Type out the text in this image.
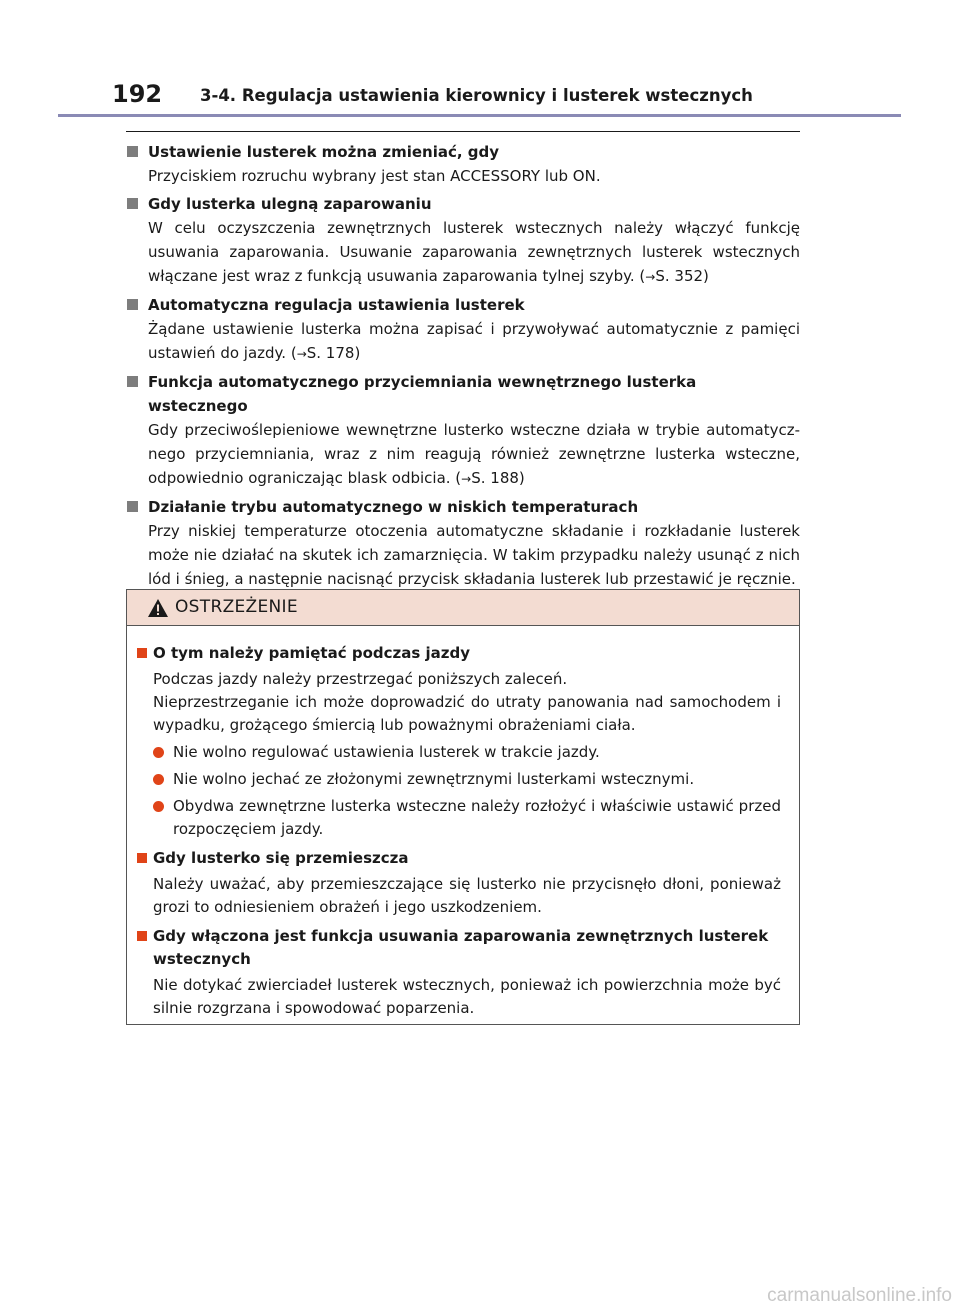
192 3-4. Regulacja ustawienia kierownicy i lusterek wstecznych
Ustawienie lusterek można zmieniać, gdy
Przyciskiem rozruchu wybrany jest stan ACCESSORY lub ON.
Gdy lusterka ulegną zaparowaniu
W celu oczyszczenia zewnętrznych lusterek wstecznych należy włączyć funkcję usuwania zaparowania. Usuwanie zaparowania zewnętrznych lusterek wstecznych włączane jest wraz z funkcją usuwania zaparowania tylnej szyby. (→S. 352)
Automatyczna regulacja ustawienia lusterek
Żądane ustawienie lusterka można zapisać i przywoływać automatycznie z pamięci ustawień do jazdy. (→S. 178)
Funkcja automatycznego przyciemniania wewnętrznego lusterka wstecznego
Gdy przeciwoślepieniowe wewnętrzne lusterko wsteczne działa w trybie automatycznego przyciemniania, wraz z nim reagują również zewnętrzne lusterka wsteczne, odpowiednio ograniczając blask odbicia. (→S. 188)
Działanie trybu automatycznego w niskich temperaturach
Przy niskiej temperaturze otoczenia automatyczne składanie i rozkładanie lusterek może nie działać na skutek ich zamarznięcia. W takim przypadku należy usunąć z nich lód i śnieg, a następnie nacisnąć przycisk składania lusterek lub przestawić je ręcznie.
OSTRZEŻENIE
O tym należy pamiętać podczas jazdy
Podczas jazdy należy przestrzegać poniższych zaleceń.
Nieprzestrzeganie ich może doprowadzić do utraty panowania nad samochodem i wypadku, grożącego śmiercią lub poważnymi obrażeniami ciała.
Nie wolno regulować ustawienia lusterek w trakcie jazdy.
Nie wolno jechać ze złożonymi zewnętrznymi lusterkami wstecznymi.
Obydwa zewnętrzne lusterka wsteczne należy rozłożyć i właściwie ustawić przed rozpoczęciem jazdy.
Gdy lusterko się przemieszcza
Należy uważać, aby przemieszczające się lusterko nie przycisnęło dłoni, ponieważ grozi to odniesieniem obrażeń i jego uszkodzeniem.
Gdy włączona jest funkcja usuwania zaparowania zewnętrznych lusterek wstecznych
Nie dotykać zwierciadeł lusterek wstecznych, ponieważ ich powierzchnia może być silnie rozgrzana i spowodować poparzenia.
carmanualsonline.info
